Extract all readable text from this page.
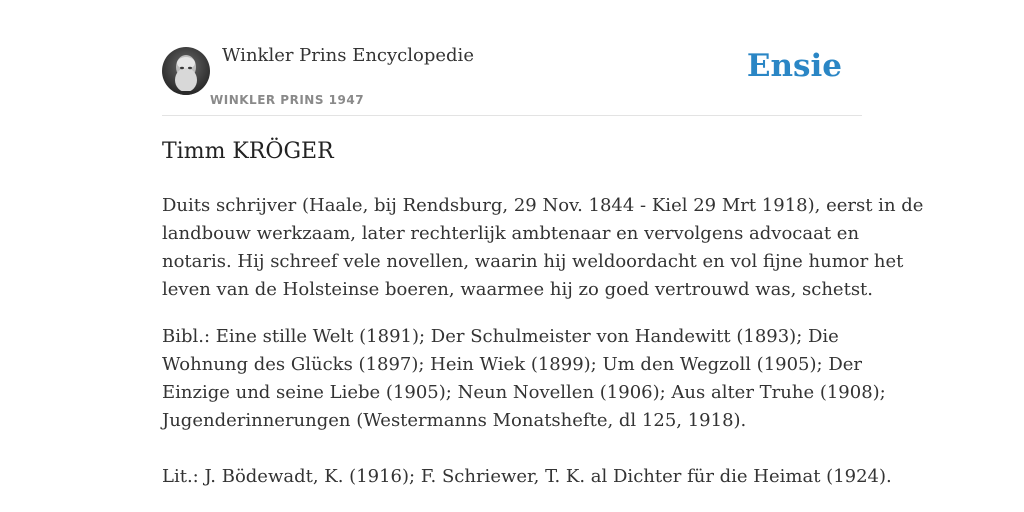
Winkler Prins Encyclopedie
WINKLER PRINS 1947
Ensie
Timm KRÖGER

Duits schrijver (Haale, bij Rendsburg, 29 Nov. 1844 - Kiel 29 Mrt 1918), eerst in de
landbouw werkzaam, later rechterlijk ambtenaar en vervolgens advocaat en
notaris. Hij schreef vele novellen, waarin hij weldoordacht en vol fijne humor het
leven van de Holsteinse boeren, waarmee hij zo goed vertrouwd was, schetst.

Bibl.: Eine stille Welt (1891); Der Schulmeister von Handewitt (1893); Die
Wohnung des Glücks (1897); Hein Wiek (1899); Um den Wegzoll (1905); Der
Einzige und seine Liebe (1905); Neun Novellen (1906); Aus alter Truhe (1908);
Jugenderinnerungen (Westermanns Monatshefte, dl 125, 1918).

Lit.: J. Bödewadt, K. (1916); F. Schriewer, T. K. al Dichter für die Heimat (1924).
